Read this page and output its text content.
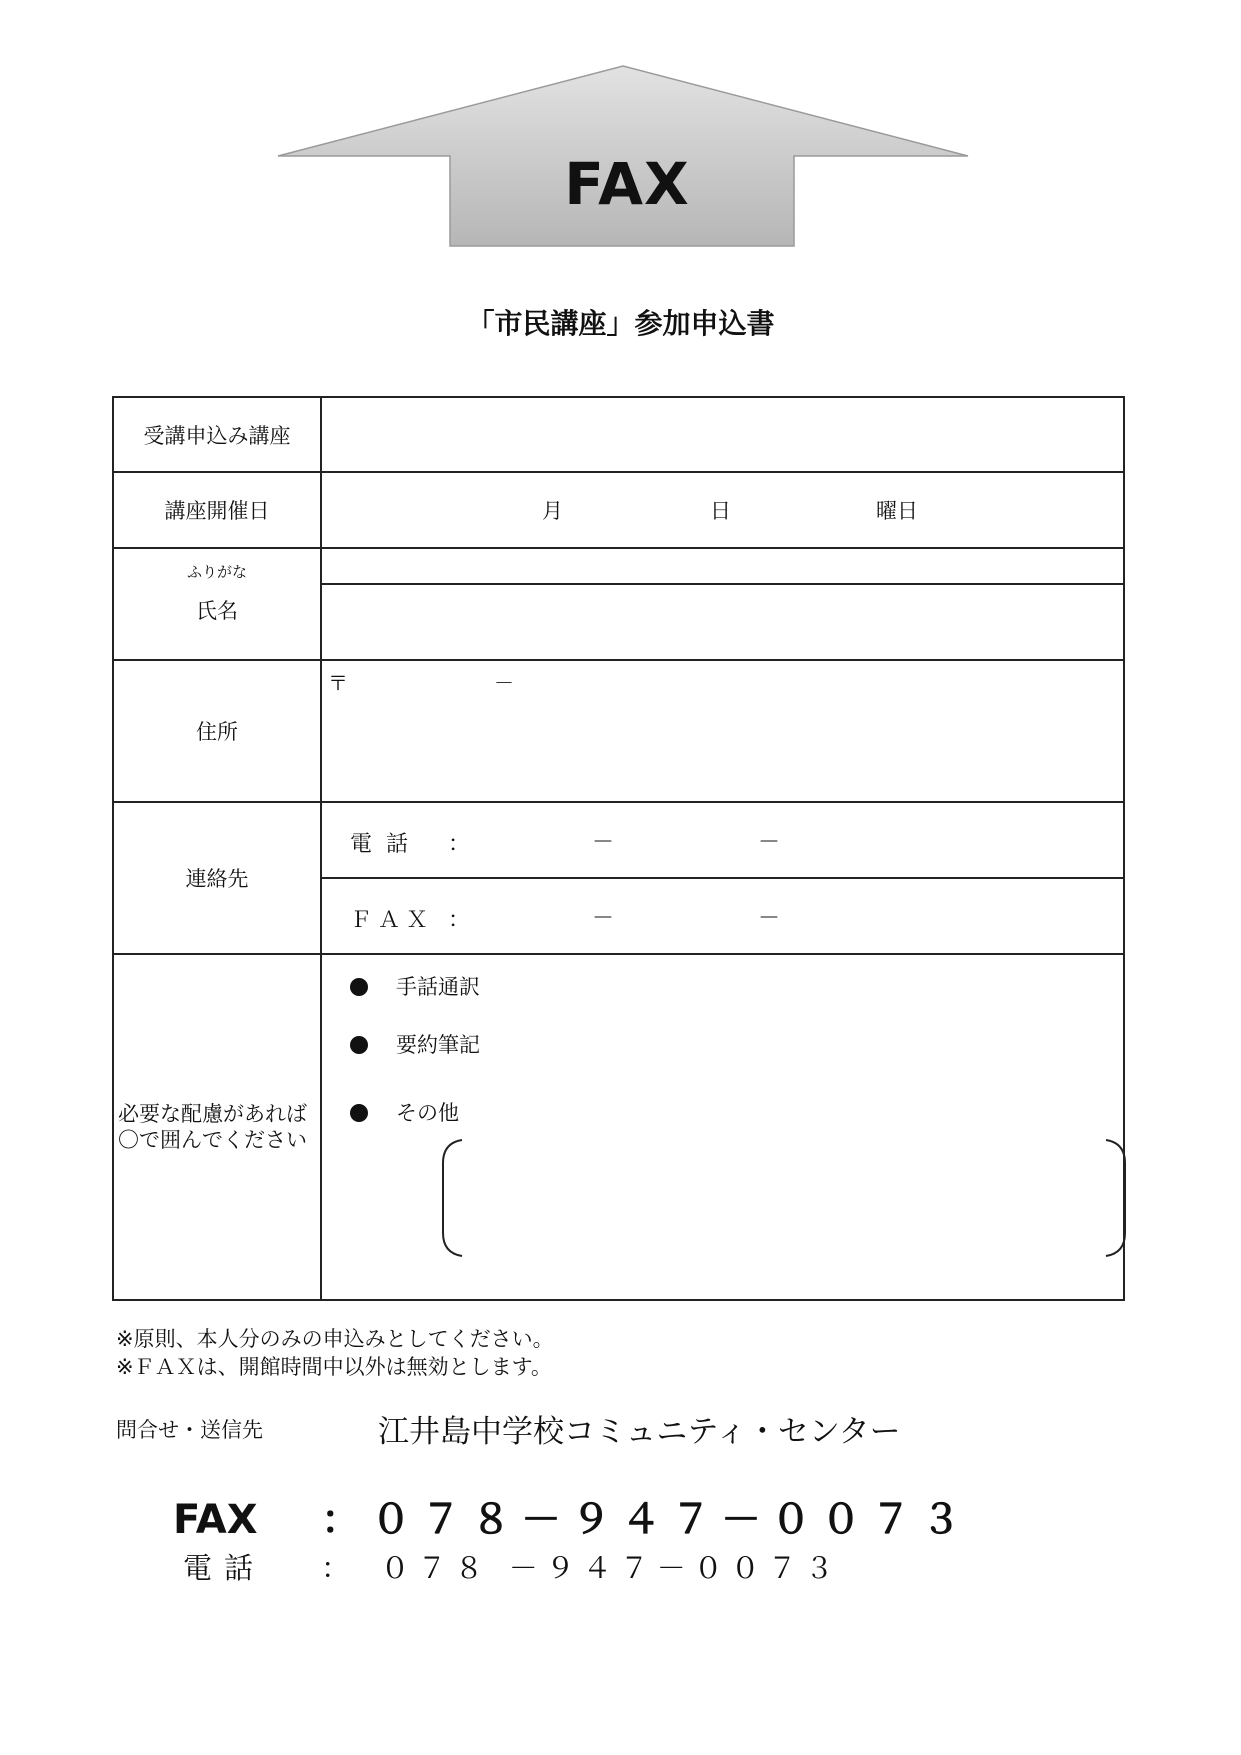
FAX
「市民講座」参加申込書
受講申込み講座	
講座開催日	月 日 曜日

ふりがな
氏名	

住所	〒 －

連絡先	電話 ： － －

	ＦＡＸ ： － －

必要な配慮があれば〇で囲んでください	手話通訳
要約筆記
その他
※原則、本人分のみの申込みとしてください。
※ＦＡＸは、開館時間中以外は無効とします。
問合せ・送信先	江井島中学校コミュニティ・センター
FAX ：０７８－９４７－００７３
電話 ：　０７８ －９４７－００７３
